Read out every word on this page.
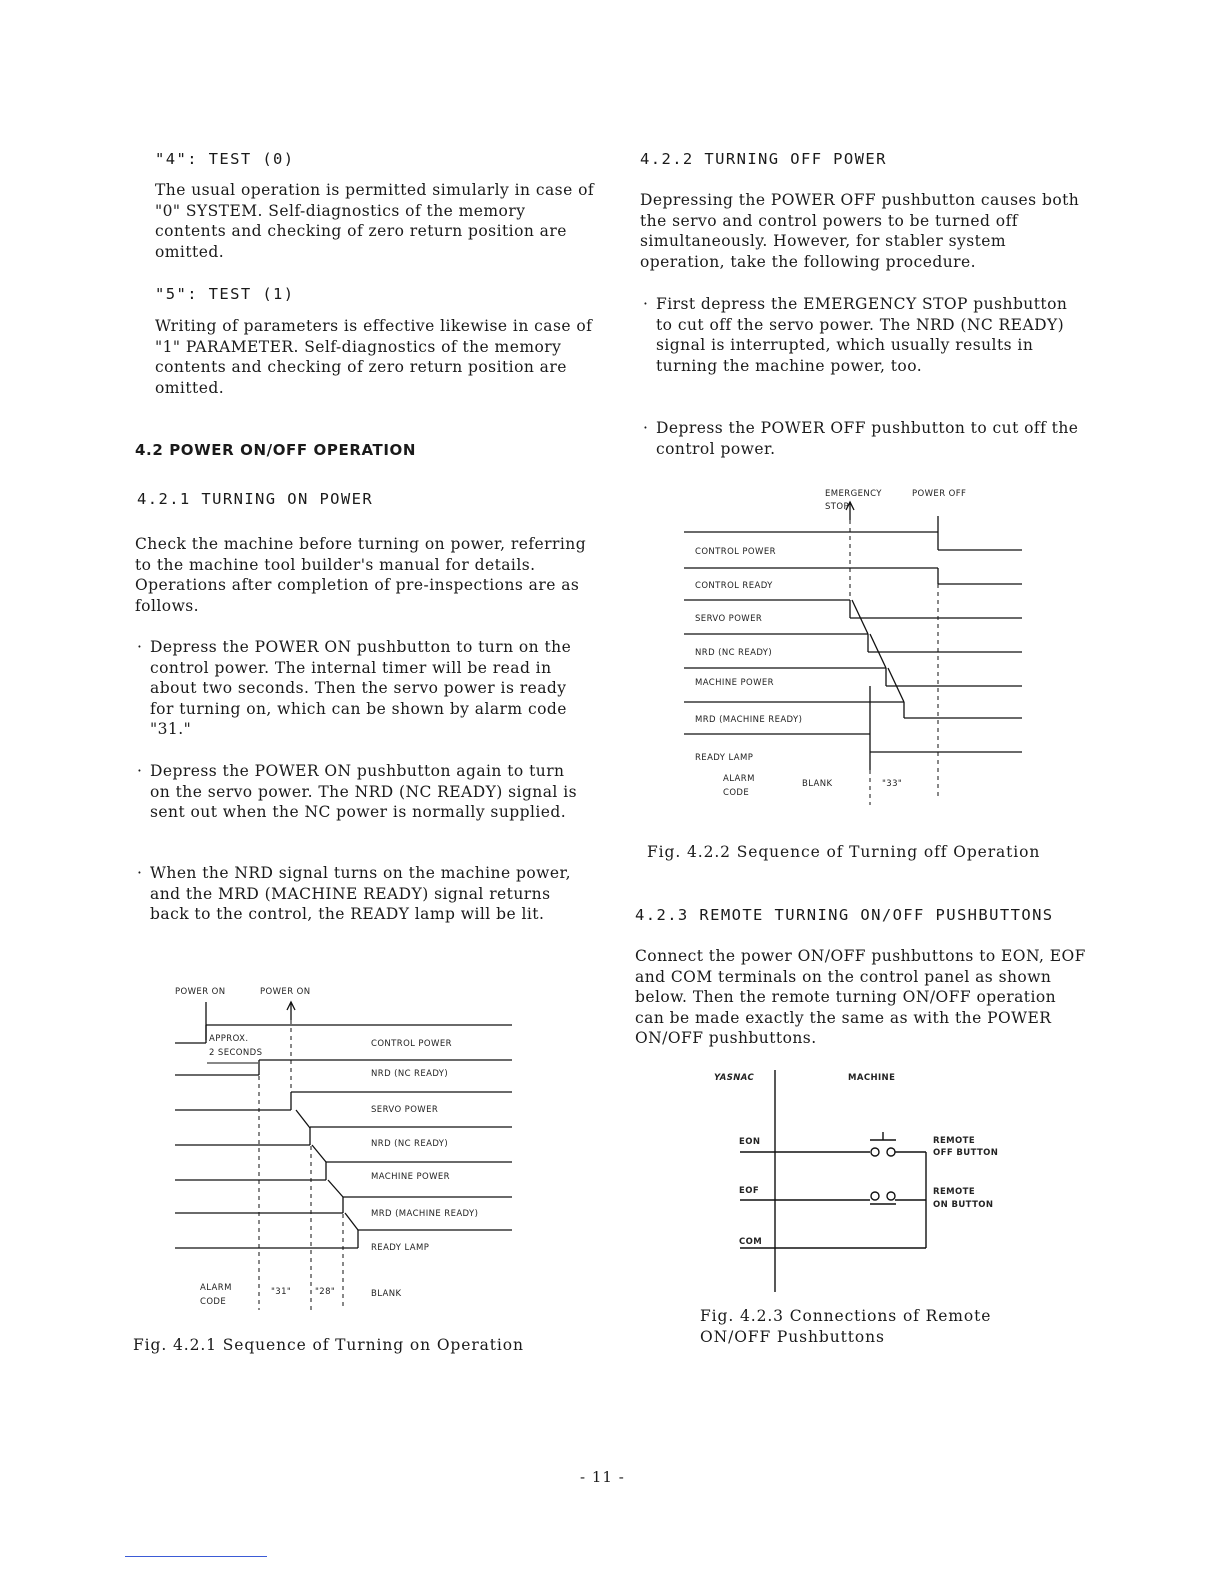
"4": TEST (0)
The usual operation is permitted simularly in case of "0" SYSTEM. Self-diagnostics of the memory contents and checking of zero return position are omitted.
"5": TEST (1)
Writing of parameters is effective likewise in case of "1" PARAMETER. Self-diagnostics of the memory contents and checking of zero return position are omitted.
4.2 POWER ON/OFF OPERATION
4.2.1 TURNING ON POWER
Check the machine before turning on power, referring to the machine tool builder's manual for details. Operations after completion of pre-inspections are as follows.
· Depress the POWER ON pushbutton to turn on the control power. The internal timer will be read in about two seconds. Then the servo power is ready for turning on, which can be shown by alarm code "31."
· Depress the POWER ON pushbutton again to turn on the servo power. The NRD (NC READY) signal is sent out when the NC power is normally supplied.
· When the NRD signal turns on the machine power, and the MRD (MACHINE READY) signal returns back to the control, the READY lamp will be lit.
POWER ON	POWER ON
APPROX.
2 SECONDS
CONTROL POWER
NRD (NC READY)
SERVO POWER
NRD (NC READY)
MACHINE POWER
MRD (MACHINE READY)
READY LAMP
ALARM
CODE
"31"	"28"	BLANK
Fig. 4.2.1 Sequence of Turning on Operation
4.2.2 TURNING OFF POWER
Depressing the POWER OFF pushbutton causes both the servo and control powers to be turned off simultaneously. However, for stabler system operation, take the following procedure.
· First depress the EMERGENCY STOP pushbutton to cut off the servo power. The NRD (NC READY) signal is interrupted, which usually results in turning the machine power, too.
· Depress the POWER OFF pushbutton to cut off the control power.
EMERGENCY
STOP
POWER OFF
CONTROL POWER
CONTROL READY
SERVO POWER
NRD (NC READY)
MACHINE POWER
MRD (MACHINE READY)
READY LAMP
ALARM
CODE
BLANK	"33"
Fig. 4.2.2 Sequence of Turning off Operation
4.2.3 REMOTE TURNING ON/OFF PUSHBUTTONS
Connect the power ON/OFF pushbuttons to EON, EOF and COM terminals on the control panel as shown below. Then the remote turning ON/OFF operation can be made exactly the same as with the POWER ON/OFF pushbuttons.
YASNAC	MACHINE
EON
EOF
COM
REMOTE
OFF BUTTON
REMOTE
ON BUTTON
Fig. 4.2.3 Connections of Remote
ON/OFF Pushbuttons
- 11 -
